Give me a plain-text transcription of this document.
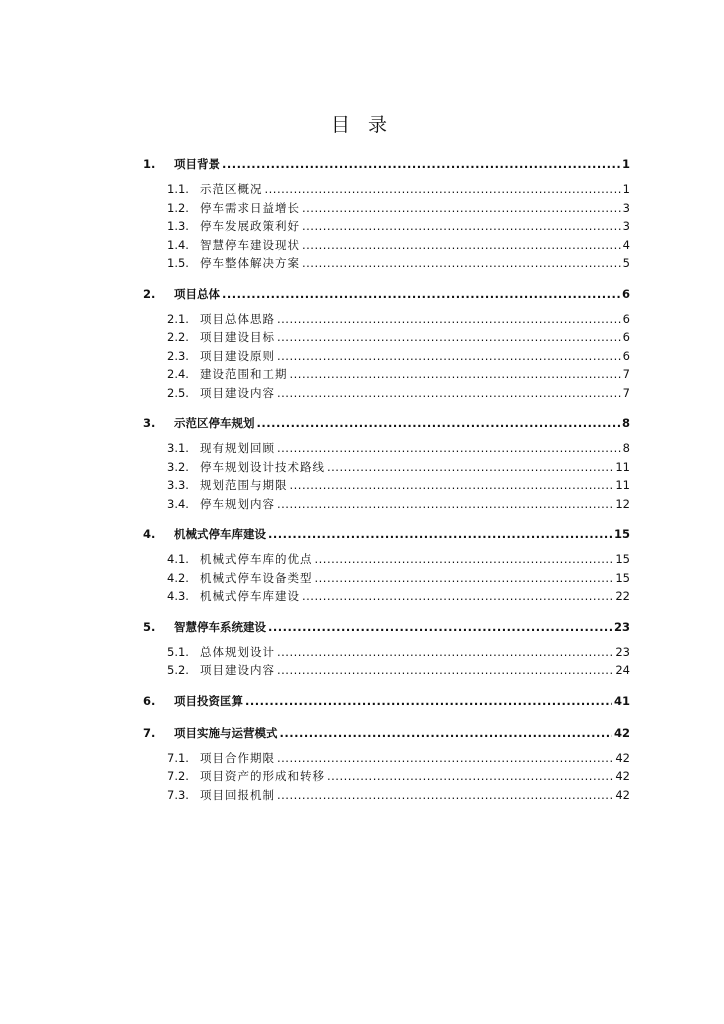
目 录
1.	项目背景 .....	1
1.1. 示范区概况 .....	1
1.2. 停车需求日益增长 .....	3
1.3. 停车发展政策利好 .....	3
1.4. 智慧停车建设现状 .....	4
1.5. 停车整体解决方案 .....	5
2.	项目总体 .....	6
2.1. 项目总体思路 .....	6
2.2. 项目建设目标 .....	6
2.3. 项目建设原则 .....	6
2.4. 建设范围和工期 .....	7
2.5. 项目建设内容 .....	7
3.	示范区停车规划 .....	8
3.1. 现有规划回顾 .....	8
3.2. 停车规划设计技术路线 .....	11
3.3. 规划范围与期限 .....	11
3.4. 停车规划内容 .....	12
4.	机械式停车库建设 .....	15
4.1. 机械式停车库的优点 .....	15
4.2. 机械式停车设备类型 .....	15
4.3. 机械式停车库建设 .....	22
5.	智慧停车系统建设 .....	23
5.1. 总体规划设计 .....	23
5.2. 项目建设内容 .....	24
6.	项目投资匡算 .....	41
7.	项目实施与运营模式 .....	42
7.1. 项目合作期限 .....	42
7.2. 项目资产的形成和转移 .....	42
7.3. 项目回报机制 .....	42
